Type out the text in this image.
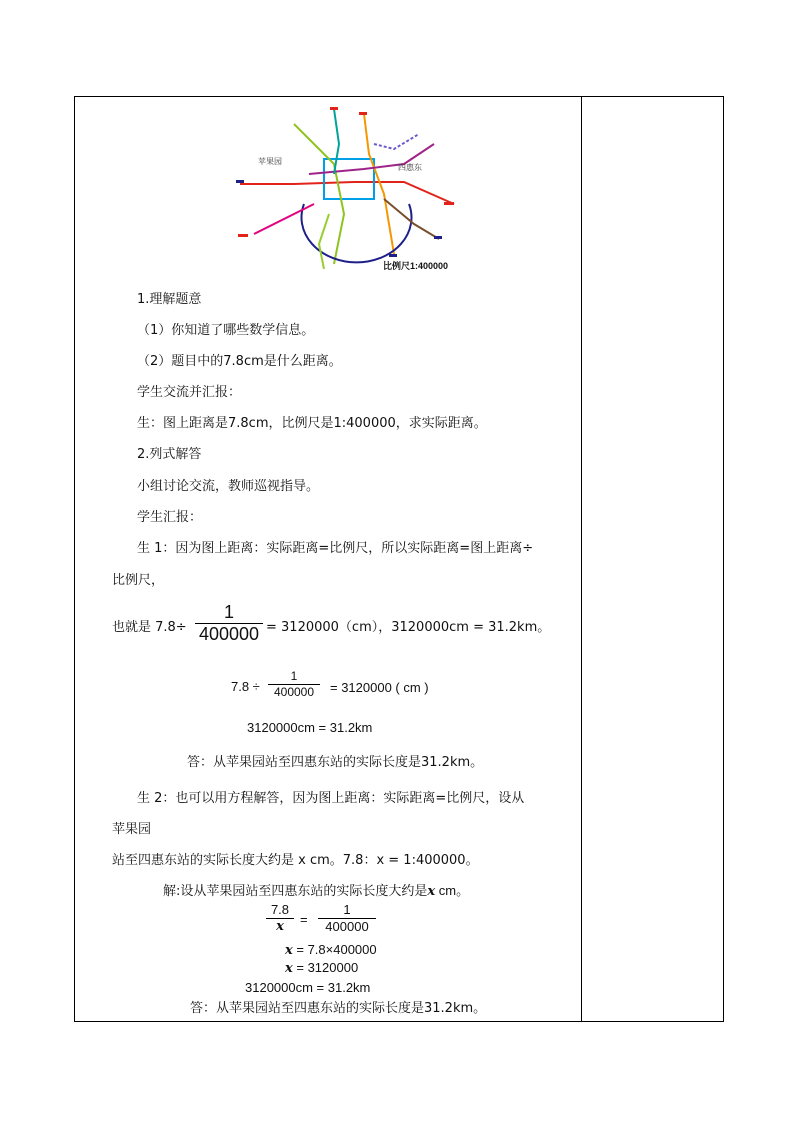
苹果园
四惠东
比例尺1:400000
1.理解题意
（1）你知道了哪些数学信息。
（2）题目中的7.8cm是什么距离。
学生交流并汇报：
生：图上距离是7.8cm，比例尺是1:400000，求实际距离。
2.列式解答
小组讨论交流，教师巡视指导。
学生汇报：
生 1：因为图上距离：实际距离=比例尺，所以实际距离=图上距离÷
比例尺，
也就是 7.8÷
1
400000 = 3120000（cm），3120000cm = 31.2km。
7.8 ÷
1
400000	= 3120000 ( cm )
3120000cm = 31.2km
答：从苹果园站至四惠东站的实际长度是31.2km。
生 2：也可以用方程解答，因为图上距离：实际距离=比例尺，设从
苹果园
站至四惠东站的实际长度大约是 x cm。7.8：x = 1:400000。
解:设从苹果园站至四惠东站的实际长度大约是x cm。
7.8
x	=
1
400000
x = 7.8×400000
x = 3120000
3120000cm = 31.2km
答：从苹果园站至四惠东站的实际长度是31.2km。
